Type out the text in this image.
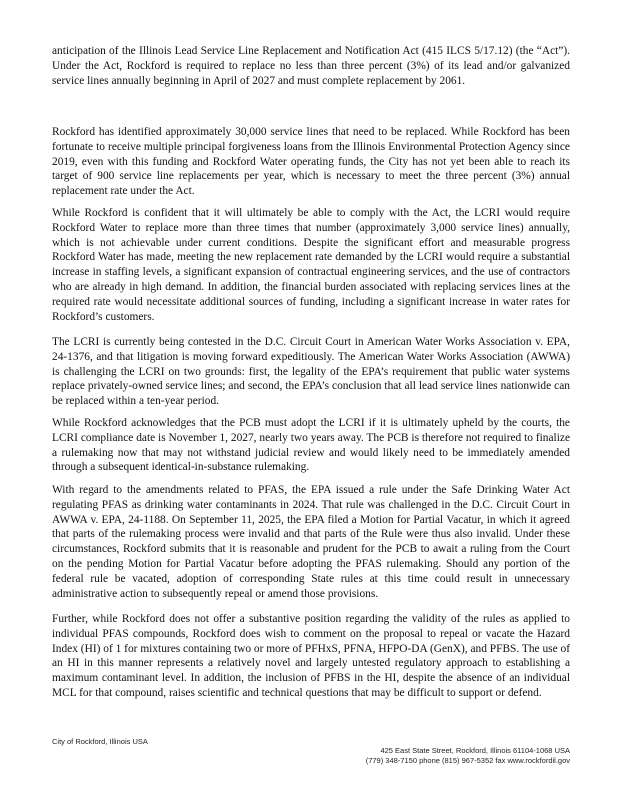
anticipation of the Illinois Lead Service Line Replacement and Notification Act (415 ILCS 5/17.12) (the “Act”). Under the Act, Rockford is required to replace no less than three percent (3%) of its lead and/or galvanized service lines annually beginning in April of 2027 and must complete replacement by 2061.

Rockford has identified approximately 30,000 service lines that need to be replaced. While Rockford has been fortunate to receive multiple principal forgiveness loans from the Illinois Environmental Protection Agency since 2019, even with this funding and Rockford Water operating funds, the City has not yet been able to reach its target of 900 service line replacements per year, which is necessary to meet the three percent (3%) annual replacement rate under the Act.

While Rockford is confident that it will ultimately be able to comply with the Act, the LCRI would require Rockford Water to replace more than three times that number (approximately 3,000 service lines) annually, which is not achievable under current conditions. Despite the significant effort and measurable progress Rockford Water has made, meeting the new replacement rate demanded by the LCRI would require a substantial increase in staffing levels, a significant expansion of contractual engineering services, and the use of contractors who are already in high demand. In addition, the financial burden associated with replacing services lines at the required rate would necessitate additional sources of funding, including a significant increase in water rates for Rockford’s customers.

The LCRI is currently being contested in the D.C. Circuit Court in American Water Works Association v. EPA, 24-1376, and that litigation is moving forward expeditiously. The American Water Works Association (AWWA) is challenging the LCRI on two grounds: first, the legality of the EPA’s requirement that public water systems replace privately-owned service lines; and second, the EPA’s conclusion that all lead service lines nationwide can be replaced within a ten-year period.

While Rockford acknowledges that the PCB must adopt the LCRI if it is ultimately upheld by the courts, the LCRI compliance date is November 1, 2027, nearly two years away. The PCB is therefore not required to finalize a rulemaking now that may not withstand judicial review and would likely need to be immediately amended through a subsequent identical-in-substance rulemaking.

With regard to the amendments related to PFAS, the EPA issued a rule under the Safe Drinking Water Act regulating PFAS as drinking water contaminants in 2024. That rule was challenged in the D.C. Circuit Court in AWWA v. EPA, 24-1188. On September 11, 2025, the EPA filed a Motion for Partial Vacatur, in which it agreed that parts of the rulemaking process were invalid and that parts of the Rule were thus also invalid. Under these circumstances, Rockford submits that it is reasonable and prudent for the PCB to await a ruling from the Court on the pending Motion for Partial Vacatur before adopting the PFAS rulemaking. Should any portion of the federal rule be vacated, adoption of corresponding State rules at this time could result in unnecessary administrative action to subsequently repeal or amend those provisions.

Further, while Rockford does not offer a substantive position regarding the validity of the rules as applied to individual PFAS compounds, Rockford does wish to comment on the proposal to repeal or vacate the Hazard Index (HI) of 1 for mixtures containing two or more of PFHxS, PFNA, HFPO-DA (GenX), and PFBS. The use of an HI in this manner represents a relatively novel and largely untested regulatory approach to establishing a maximum contaminant level. In addition, the inclusion of PFBS in the HI, despite the absence of an individual MCL for that compound, raises scientific and technical questions that may be difficult to support or defend.

City of Rockford, Illinois USA
425 East State Street, Rockford, Illinois 61104-1068 USA
(779) 348-7150 phone (815) 967-5352 fax www.rockfordil.gov
